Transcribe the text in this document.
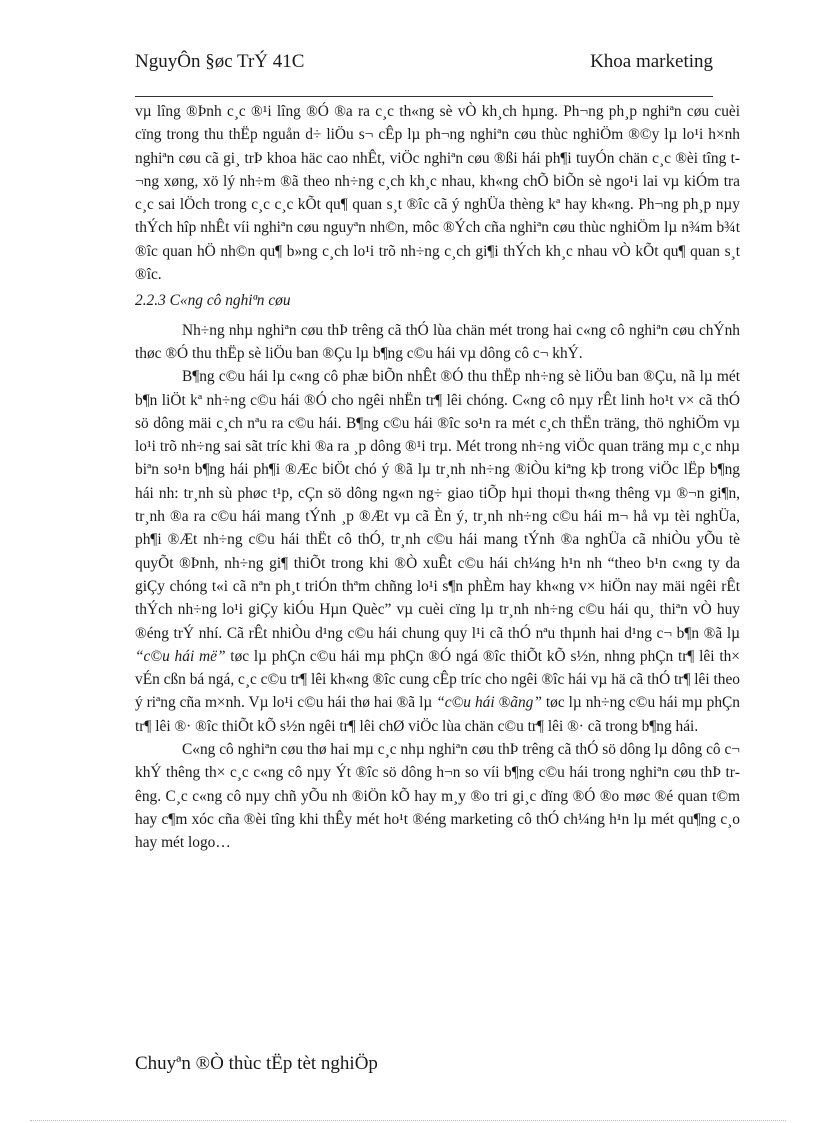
NguyÔn §øc TrÝ 41C	Khoa marketing

vµ lîng ®Þnh c¸c ®¹i lîng ®Ó ®a ra c¸c th«ng sè vÒ kh¸ch hµng. Ph¬ng ph¸p nghiªn cøu cuèi cïng trong thu thËp nguån d÷ liÖu s¬ cÊp lµ ph¬ng nghiªn cøu thùc nghiÖm ®©y lµ lo¹i h×nh nghiªn cøu cã gi¸ trÞ khoa häc cao nhÊt, viÖc nghiªn cøu ®ßi hái ph¶i tuyÓn chän c¸c ®èi tîng t¬ng xøng, xö lý nh÷m ®ã theo nh÷ng c¸ch kh¸c nhau, kh«ng chÕ biÕn sè ngo¹i lai vµ kiÓm tra c¸c sai lÖch trong c¸c c¸c kÕt qu¶ quan s¸t ®îc cã ý nghÜa thèng kª hay kh«ng. Ph¬ng ph¸p nµy thÝch hîp nhÊt víi nghiªn cøu nguyªn nh©n, môc ®Ých cña nghiªn cøu thùc nghiÖm lµ n¾m b¾t ®îc quan hÖ nh©n qu¶ b»ng c¸ch lo¹i trõ nh÷ng c¸ch gi¶i thÝch kh¸c nhau vÒ kÕt qu¶ quan s¸t ®îc.

2.2.3 C«ng cô nghiªn cøu

Nh÷ng nhµ nghiªn cøu thÞ trêng cã thÓ lùa chän mét trong hai c«ng cô nghiªn cøu chÝnh thøc ®Ó thu thËp sè liÖu ban ®Çu lµ b¶ng c©u hái vµ dông cô c¬ khÝ.

B¶ng c©u hái lµ c«ng cô phæ biÕn nhÊt ®Ó thu thËp nh÷ng sè liÖu ban ®Çu, nã lµ mét b¶n liÖt kª nh÷ng c©u hái ®Ó cho ngêi nhËn tr¶ lêi chóng. C«ng cô nµy rÊt linh ho¹t v× cã thÓ sö dông mäi c¸ch nªu ra c©u hái. B¶ng c©u hái ®îc so¹n ra mét c¸ch thËn träng, thö nghiÖm vµ lo¹i trõ nh÷ng sai sãt tríc khi ®a ra ¸p dông ®¹i trµ. Mét trong nh÷ng viÖc quan träng mµ c¸c nhµ biªn so¹n b¶ng hái ph¶i ®Æc biÖt chó ý ®ã lµ tr¸nh nh÷ng ®iÒu kiªng kþ trong viÖc lËp b¶ng hái nh: tr¸nh sù phøc t¹p, cÇn sö dông ng«n ng÷ giao tiÕp hµi thoµi th«ng thêng vµ ®¬n gi¶n, tr¸nh ®a ra c©u hái mang tÝnh ¸p ®Æt vµ cã Èn ý, tr¸nh nh÷ng c©u hái m¬ hå vµ tèi nghÜa, ph¶i ®Æt nh÷ng c©u hái thËt cô thÓ, tr¸nh c©u hái mang tÝnh ®a nghÜa cã nhiÒu yÕu tè quyÕt ®Þnh, nh÷ng gi¶ thiÕt trong khi ®Ò xuÊt c©u hái ch¼ng h¹n nh “theo b¹n c«ng ty da giÇy chóng t«i cã nªn ph¸t triÓn thªm chñng lo¹i s¶n phÈm hay kh«ng v× hiÖn nay mäi ngêi rÊt thÝch nh÷ng lo¹i giÇy kiÓu Hµn Quèc” vµ cuèi cïng lµ tr¸nh nh÷ng c©u hái qu¸ thiªn vÒ huy ®éng trÝ nhí. Cã rÊt nhiÒu d¹ng c©u hái chung quy l¹i cã thÓ nªu thµnh hai d¹ng c¬ b¶n ®ã lµ “c©u hái më” tøc lµ phÇn c©u hái mµ phÇn ®Ó ngá ®îc thiÕt kÕ s½n, nhng phÇn tr¶ lêi th× vÉn cßn bá ngá, c¸c c©u tr¶ lêi kh«ng ®îc cung cÊp tríc cho ngêi ®îc hái vµ hä cã thÓ tr¶ lêi theo ý riªng cña m×nh. Vµ lo¹i c©u hái thø hai ®ã lµ “c©u hái ®ãng” tøc lµ nh÷ng c©u hái mµ phÇn tr¶ lêi ®· ®îc thiÕt kÕ s½n ngêi tr¶ lêi chØ viÖc lùa chän c©u tr¶ lêi ®· cã trong b¶ng hái.

C«ng cô nghiªn cøu thø hai mµ c¸c nhµ nghiªn cøu thÞ trêng cã thÓ sö dông lµ dông cô c¬ khÝ thêng th× c¸c c«ng cô nµy Ýt ®îc sö dông h¬n so víi b¶ng c©u hái trong nghiªn cøu thÞ trêng. C¸c c«ng cô nµy chñ yÕu nh ®iÖn kÕ hay m¸y ®o tri gi¸c dïng ®Ó ®o møc ®é quan t©m hay c¶m xóc cña ®èi tîng khi thÊy mét ho¹t ®éng marketing cô thÓ ch¼ng h¹n lµ mét qu¶ng c¸o hay mét logo…

Chuyªn ®Ò thùc tËp tèt nghiÖp
